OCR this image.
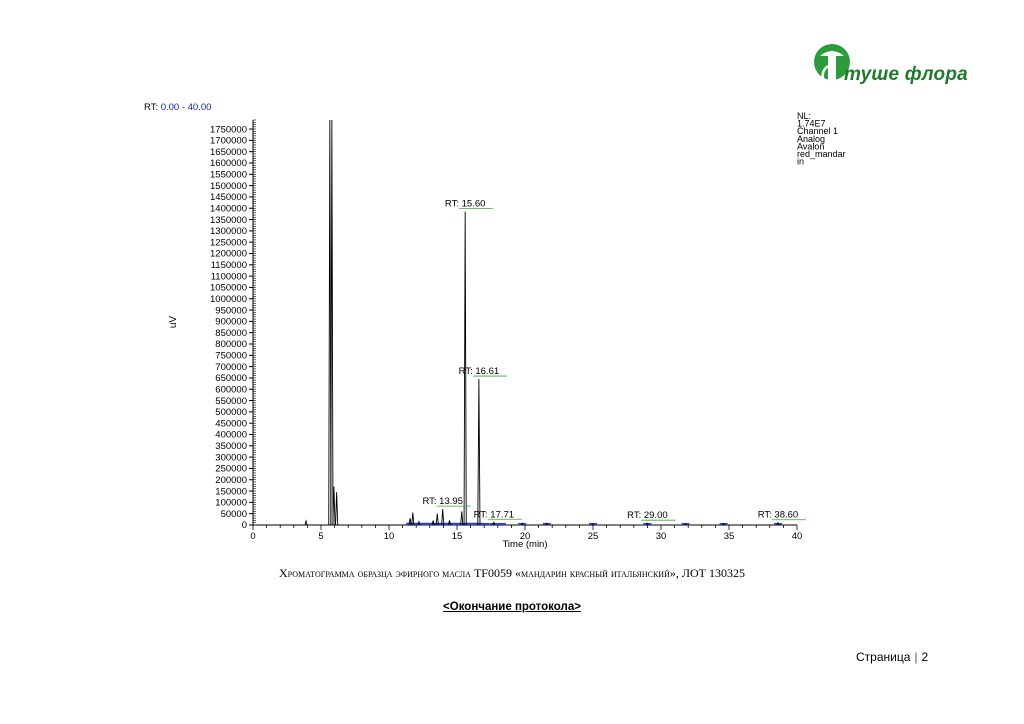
туше флора
RT: 0.00 - 40.00
NL:
1.74E7
Channel 1
Analog
Avalon
red_mandar
in
0
50000
100000
150000
200000
250000
300000
350000
400000
450000
500000
550000
600000
650000
700000
750000
800000
850000
900000
950000
1000000
1050000
1100000
1150000
1200000
1250000
1300000
1350000
1400000
1450000
1500000
1550000
1600000
1650000
1700000
1750000
uV
0	5	10	15	20	25	30	35	40
Time (min)
RT: 15.60
RT: 16.61
RT: 13.95
RT: 17.71	RT: 29.00	RT: 38.60
Хроматограмма образца эфирного масла TF0059 «мандарин красный итальянский», ЛОТ 130325
<Окончание протокола>
Страница | 2
